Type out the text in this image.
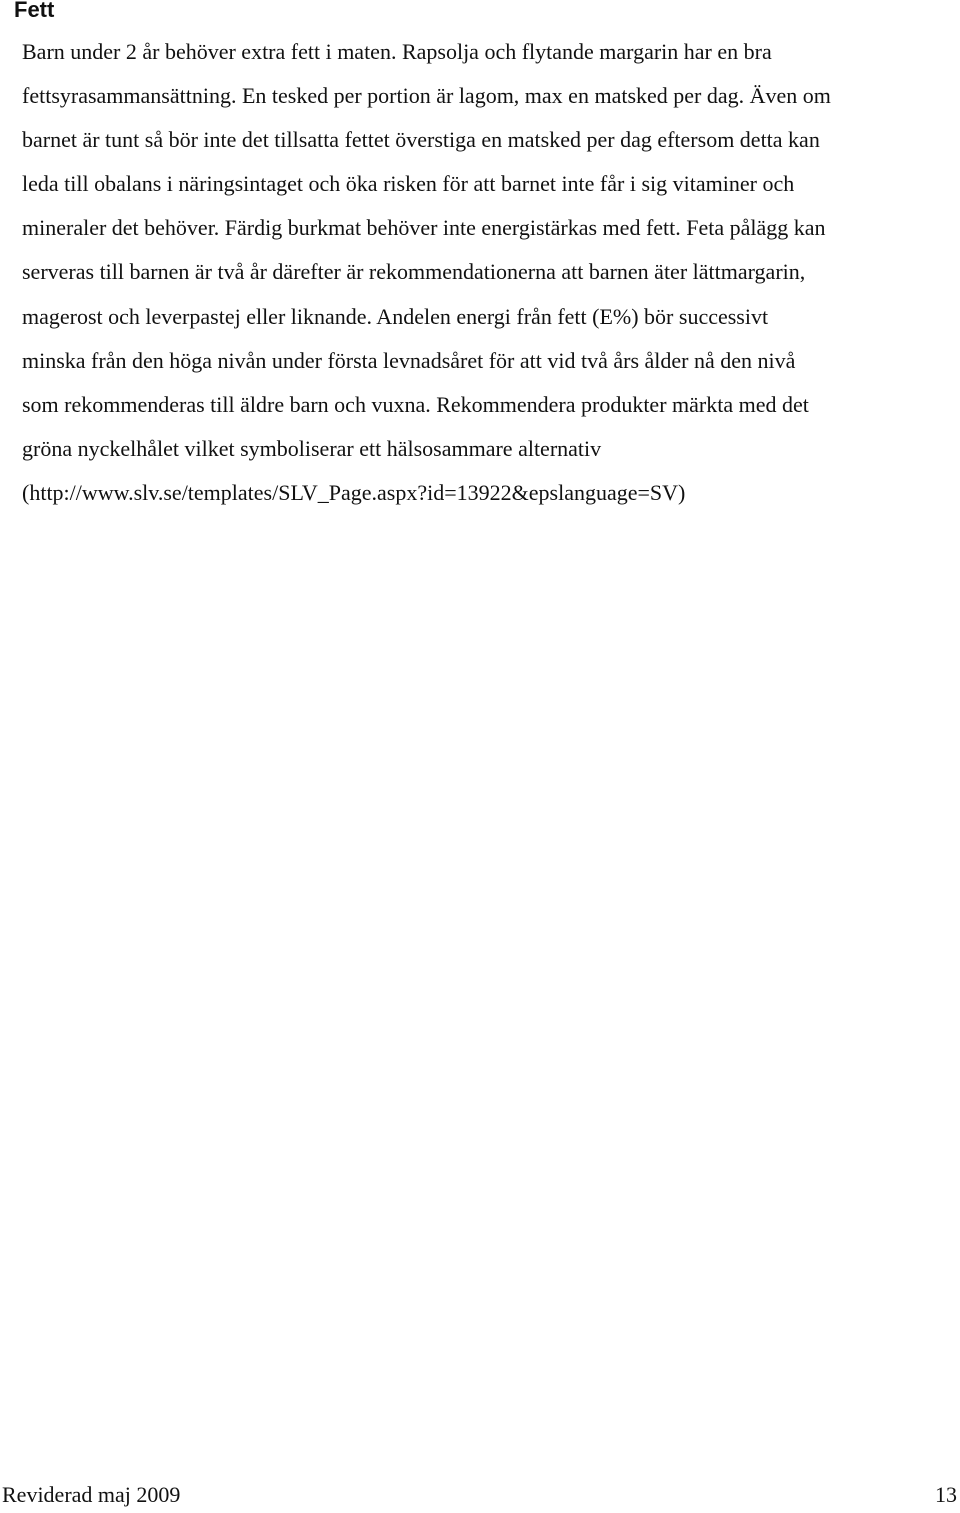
Fett

Barn under 2 år behöver extra fett i maten. Rapsolja och flytande margarin har en bra
fettsyrasammansättning. En tesked per portion är lagom, max en matsked per dag. Även om
barnet är tunt så bör inte det tillsatta fettet överstiga en matsked per dag eftersom detta kan
leda till obalans i näringsintaget och öka risken för att barnet inte får i sig vitaminer och
mineraler det behöver. Färdig burkmat behöver inte energistärkas med fett. Feta pålägg kan
serveras till barnen är två år därefter är rekommendationerna att barnen äter lättmargarin,
magerost och leverpastej eller liknande. Andelen energi från fett (E%) bör successivt
minska från den höga nivån under första levnadsåret för att vid två års ålder nå den nivå
som rekommenderas till äldre barn och vuxna. Rekommendera produkter märkta med det
gröna nyckelhålet vilket symboliserar ett hälsosammare alternativ
(http://www.slv.se/templates/SLV_Page.aspx?id=13922&epslanguage=SV)

Reviderad maj 2009	13
